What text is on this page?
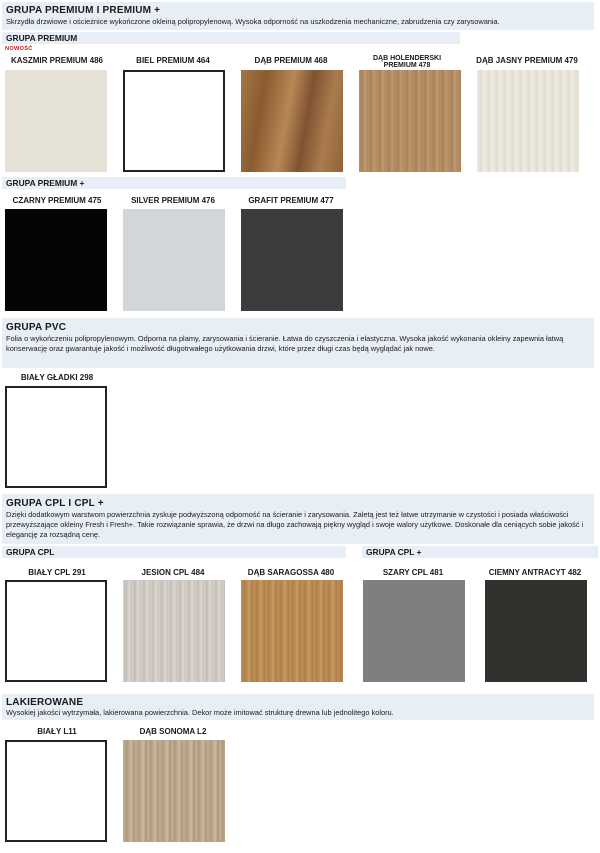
GRUPA PREMIUM I PREMIUM +
Skrzydła drzwiowe i ościeżnice wykończone okleiną polipropylenową. Wysoka odporność na uszkodzenia mechaniczne, zabrudzenia czy zarysowania.
GRUPA PREMIUM
NOWOŚĆ
KASZMIR PREMIUM 486	BIEL PREMIUM 464	DĄB PREMIUM 468	DĄB HOLENDERSKI PREMIUM 478
DĄB JASNY PREMIUM 479
GRUPA PREMIUM +
CZARNY PREMIUM 475	SILVER PREMIUM 476	GRAFIT PREMIUM 477
GRUPA PVC
Folia o wykończeniu polipropylenowym. Odporna na plamy, zarysowania i ścieranie. Łatwa do czyszczenia i elastyczna. Wysoka jakość wykonania okleiny zapewnia łatwą konserwację oraz gwarantuje jakość i możliwość długotrwałego użytkowania drzwi, które przez długi czas będą wyglądać jak nowe.
BIAŁY GŁADKI 298
GRUPA CPL I CPL +
Dzięki dodatkowym warstwom powierzchnia zyskuje podwyższoną odporność na ścieranie i zarysowania. Zaletą jest też łatwe utrzymanie w czystości i posiada właściwości przewyższające okleiny Fresh i Fresh+. Takie rozwiązanie sprawia, że drzwi na długo zachowają piękny wygląd i swoje walory użytkowe. Doskonałe dla ceniących sobie jakość i elegancję za rozsądną cenę.
GRUPA CPL	GRUPA CPL +
BIAŁY CPL 291	JESION CPL 484	DĄB SARAGOSSA 480	SZARY CPL 481	CIEMNY ANTRACYT 482
LAKIEROWANE
Wysokiej jakości wytrzymała, lakierowana powierzchnia. Dekor może imitować strukturę drewna lub jednolitego koloru.
BIAŁY L11	DĄB SONOMA L2
